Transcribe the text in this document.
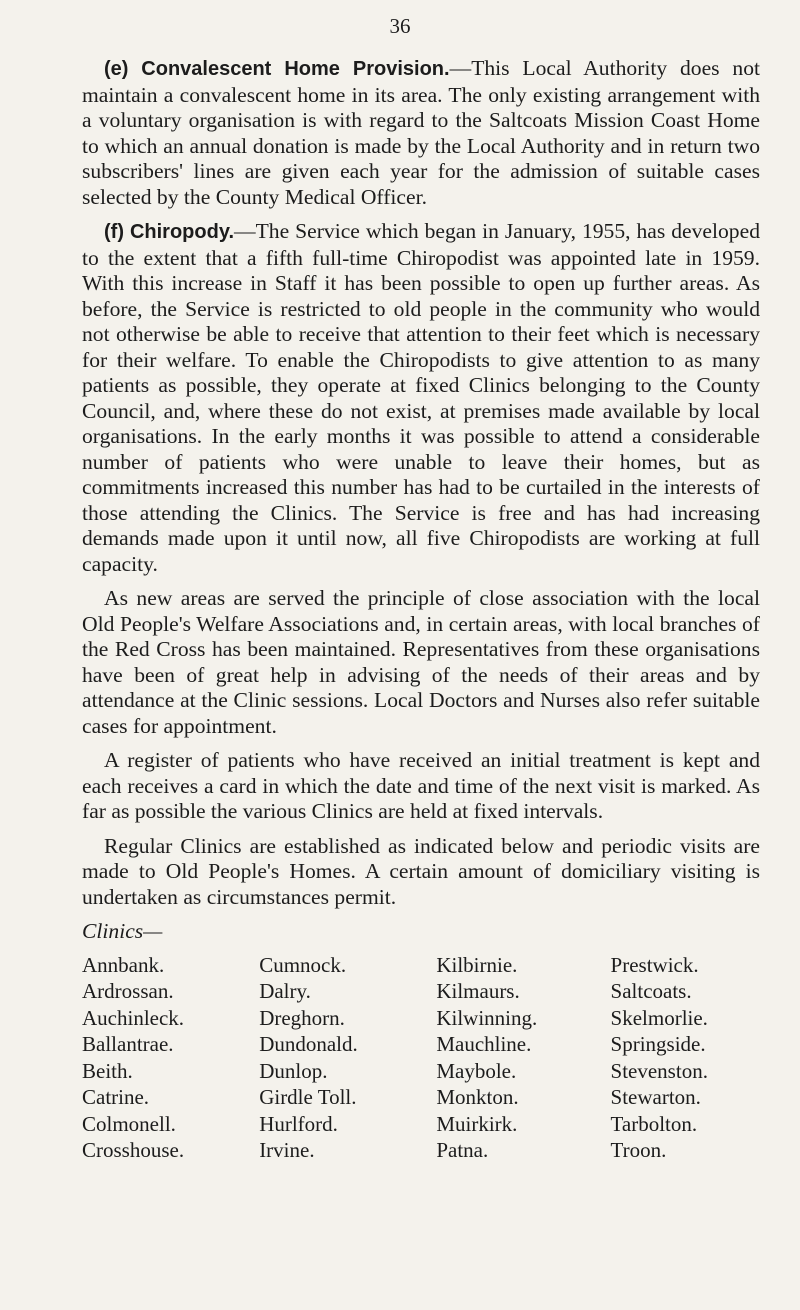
36

(e) Convalescent Home Provision.—This Local Authority does not maintain a convalescent home in its area. The only existing arrangement with a voluntary organisation is with regard to the Saltcoats Mission Coast Home to which an annual donation is made by the Local Authority and in return two subscribers' lines are given each year for the admission of suitable cases selected by the County Medical Officer.

(f) Chiropody.—The Service which began in January, 1955, has developed to the extent that a fifth full-time Chiropodist was appointed late in 1959. With this increase in Staff it has been possible to open up further areas. As before, the Service is restricted to old people in the community who would not otherwise be able to receive that attention to their feet which is necessary for their welfare. To enable the Chiropodists to give attention to as many patients as possible, they operate at fixed Clinics belonging to the County Council, and, where these do not exist, at premises made available by local organisations. In the early months it was possible to attend a considerable number of patients who were unable to leave their homes, but as commitments increased this number has had to be curtailed in the interests of those attending the Clinics. The Service is free and has had increasing demands made upon it until now, all five Chiropodists are working at full capacity.

As new areas are served the principle of close association with the local Old People's Welfare Associations and, in certain areas, with local branches of the Red Cross has been maintained. Representatives from these organisations have been of great help in advising of the needs of their areas and by attendance at the Clinic sessions. Local Doctors and Nurses also refer suitable cases for appointment.

A register of patients who have received an initial treatment is kept and each receives a card in which the date and time of the next visit is marked. As far as possible the various Clinics are held at fixed intervals.

Regular Clinics are established as indicated below and periodic visits are made to Old People's Homes. A certain amount of domiciliary visiting is undertaken as circumstances permit.

Clinics—
Annbank.	Cumnock.	Kilbirnie.	Prestwick.
Ardrossan.	Dalry.	Kilmaurs.	Saltcoats.
Auchinleck.	Dreghorn.	Kilwinning.	Skelmorlie.
Ballantrae.	Dundonald.	Mauchline.	Springside.
Beith.	Dunlop.	Maybole.	Stevenston.
Catrine.	Girdle Toll.	Monkton.	Stewarton.
Colmonell.	Hurlford.	Muirkirk.	Tarbolton.
Crosshouse.	Irvine.	Patna.	Troon.
